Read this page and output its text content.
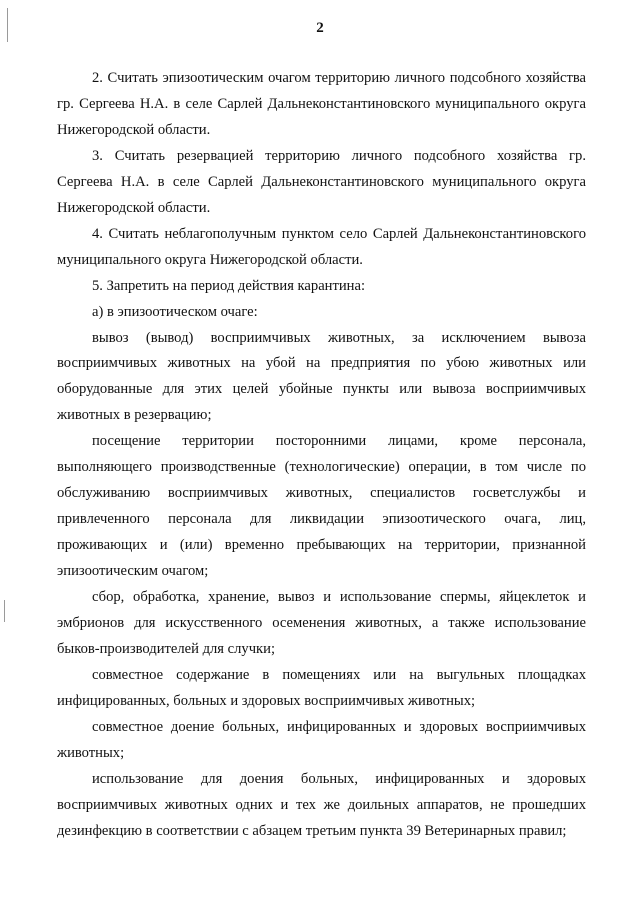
2

2. Считать эпизоотическим очагом территорию личного подсобного хозяйства гр. Сергеева Н.А. в селе Сарлей Дальнеконстантиновского муниципального округа Нижегородской области.

3. Считать резервацией территорию личного подсобного хозяйства гр. Сергеева Н.А. в селе Сарлей Дальнеконстантиновского муниципального округа Нижегородской области.

4. Считать неблагополучным пунктом село Сарлей Дальнеконстантиновского муниципального округа Нижегородской области.

5. Запретить на период действия карантина:

а) в эпизоотическом очаге:

вывоз (вывод) восприимчивых животных, за исключением вывоза восприимчивых животных на убой на предприятия по убою животных или оборудованные для этих целей убойные пункты или вывоза восприимчивых животных в резервацию;

посещение территории посторонними лицами, кроме персонала, выполняющего производственные (технологические) операции, в том числе по обслуживанию восприимчивых животных, специалистов госветслужбы и привлеченного персонала для ликвидации эпизоотического очага, лиц, проживающих и (или) временно пребывающих на территории, признанной эпизоотическим очагом;

сбор, обработка, хранение, вывоз и использование спермы, яйцеклеток и эмбрионов для искусственного осеменения животных, а также использование быков-производителей для случки;

совместное содержание в помещениях или на выгульных площадках инфицированных, больных и здоровых восприимчивых животных;

совместное доение больных, инфицированных и здоровых восприимчивых животных;

использование для доения больных, инфицированных и здоровых восприимчивых животных одних и тех же доильных аппаратов, не прошедших дезинфекцию в соответствии с абзацем третьим пункта 39 Ветеринарных правил;
